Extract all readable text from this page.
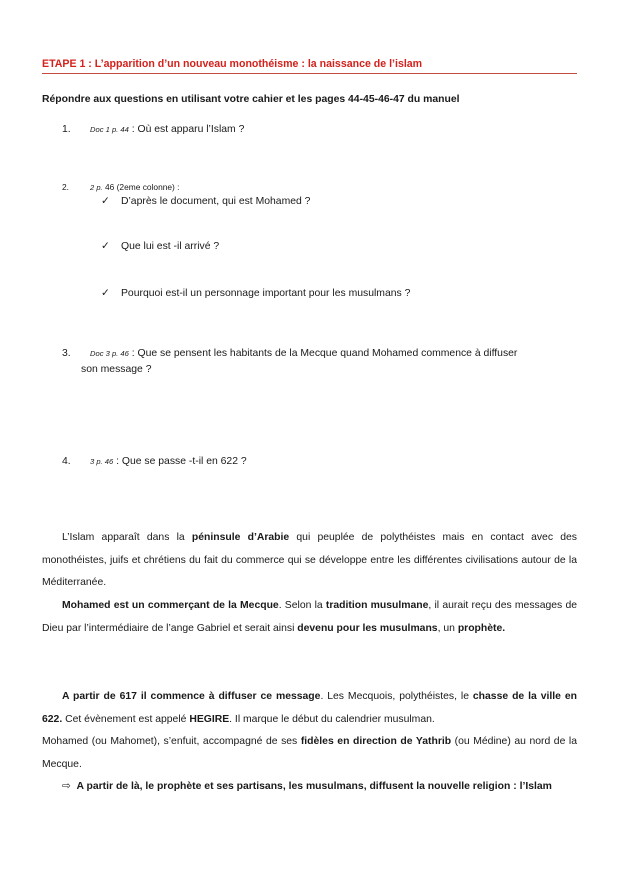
ETAPE 1 : L’apparition d’un nouveau monothéisme : la naissance de l’islam
Répondre aux questions en utilisant votre cahier et les pages 44-45-46-47 du manuel
1.	Doc 1 p. 44 : Où est apparu l’Islam ?
2.	2 p. 46 (2eme colonne) :
✓ D’après le document, qui est Mohamed ?
✓ Que lui est -il arrivé ?
✓ Pourquoi est-il un personnage important pour les musulmans ?
3.	Doc 3 p. 46 : Que se pensent les habitants de la Mecque quand Mohamed commence à diffuser
son message ?
4.	3 p. 46 : Que se passe -t-il en 622 ?

L’Islam apparaît dans la péninsule d’Arabie qui peuplée de polythéistes mais en contact avec des monothéistes, juifs et chrétiens du fait du commerce qui se développe entre les différentes civilisations autour de la Méditerranée.

Mohamed est un commerçant de la Mecque. Selon la tradition musulmane, il aurait reçu des messages de Dieu par l’intermédiaire de l’ange Gabriel et serait ainsi devenu pour les musulmans, un prophète.

A partir de 617 il commence à diffuser ce message. Les Mecquois, polythéistes, le chasse de la ville en 622. Cet évènement est appelé HEGIRE. Il marque le début du calendrier musulman.

Mohamed (ou Mahomet), s’enfuit, accompagné de ses fidèles en direction de Yathrib (ou Médine) au nord de la Mecque.

⇨ A partir de là, le prophète et ses partisans, les musulmans, diffusent la nouvelle religion : l’Islam
